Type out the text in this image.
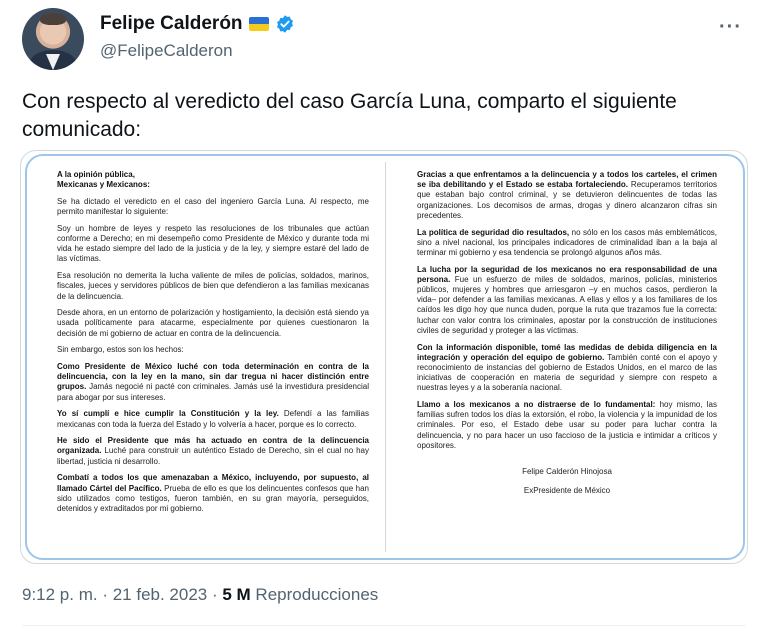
Felipe Calderón
@FelipeCalderon
···
Con respecto al veredicto del caso García Luna, comparto el siguiente comunicado:

A la opinión pública,
Mexicanas y Mexicanos:

Se ha dictado el veredicto en el caso del ingeniero García Luna. Al respecto, me permito manifestar lo siguiente:

Soy un hombre de leyes y respeto las resoluciones de los tribunales que actúan conforme a Derecho; en mi desempeño como Presidente de México y durante toda mi vida he estado siempre del lado de la justicia y de la ley, y siempre estaré del lado de las víctimas.

Esa resolución no demerita la lucha valiente de miles de policías, soldados, marinos, fiscales, jueces y servidores públicos de bien que defendieron a las familias mexicanas de la delincuencia.

Desde ahora, en un entorno de polarización y hostigamiento, la decisión está siendo ya usada políticamente para atacarme, especialmente por quienes cuestionaron la decisión de mi gobierno de actuar en contra de la delincuencia.

Sin embargo, estos son los hechos:

Como Presidente de México luché con toda determinación en contra de la delincuencia, con la ley en la mano, sin dar tregua ni hacer distinción entre grupos. Jamás negocié ni pacté con criminales. Jamás usé la investidura presidencial para abogar por sus intereses.

Yo sí cumplí e hice cumplir la Constitución y la ley. Defendí a las familias mexicanas con toda la fuerza del Estado y lo volvería a hacer, porque es lo correcto.

He sido el Presidente que más ha actuado en contra de la delincuencia organizada. Luché para construir un auténtico Estado de Derecho, sin el cual no hay libertad, justicia ni desarrollo.

Combatí a todos los que amenazaban a México, incluyendo, por supuesto, al llamado Cártel del Pacífico. Prueba de ello es que los delincuentes confesos que han sido utilizados como testigos, fueron también, en su gran mayoría, perseguidos, detenidos y extraditados por mi gobierno.

Gracias a que enfrentamos a la delincuencia y a todos los carteles, el crimen se iba debilitando y el Estado se estaba fortaleciendo. Recuperamos territorios que estaban bajo control criminal, y se detuvieron delincuentes de todas las organizaciones. Los decomisos de armas, drogas y dinero alcanzaron cifras sin precedentes.

La política de seguridad dio resultados, no sólo en los casos más emblemáticos, sino a nivel nacional, los principales indicadores de criminalidad iban a la baja al terminar mi gobierno y esa tendencia se prolongó algunos años más.

La lucha por la seguridad de los mexicanos no era responsabilidad de una persona. Fue un esfuerzo de miles de soldados, marinos, policías, ministerios públicos, mujeres y hombres que arriesgaron –y en muchos casos, perdieron la vida– por defender a las familias mexicanas. A ellas y ellos y a los familiares de los caídos les digo hoy que nunca duden, porque la ruta que trazamos fue la correcta: luchar con valor contra los criminales, apostar por la construcción de instituciones civiles de seguridad y proteger a las víctimas.

Con la información disponible, tomé las medidas de debida diligencia en la integración y operación del equipo de gobierno. También conté con el apoyo y reconocimiento de instancias del gobierno de Estados Unidos, en el marco de las iniciativas de cooperación en materia de seguridad y siempre con respeto a nuestras leyes y a la soberanía nacional.

Llamo a los mexicanos a no distraerse de lo fundamental: hoy mismo, las familias sufren todos los días la extorsión, el robo, la violencia y la impunidad de los criminales. Por eso, el Estado debe usar su poder para luchar contra la delincuencia, y no para hacer un uso faccioso de la justicia e intimidar a críticos y opositores.

Felipe Calderón Hinojosa
ExPresidente de México
9:12 p. m. · 21 feb. 2023 · 5 M Reproducciones
